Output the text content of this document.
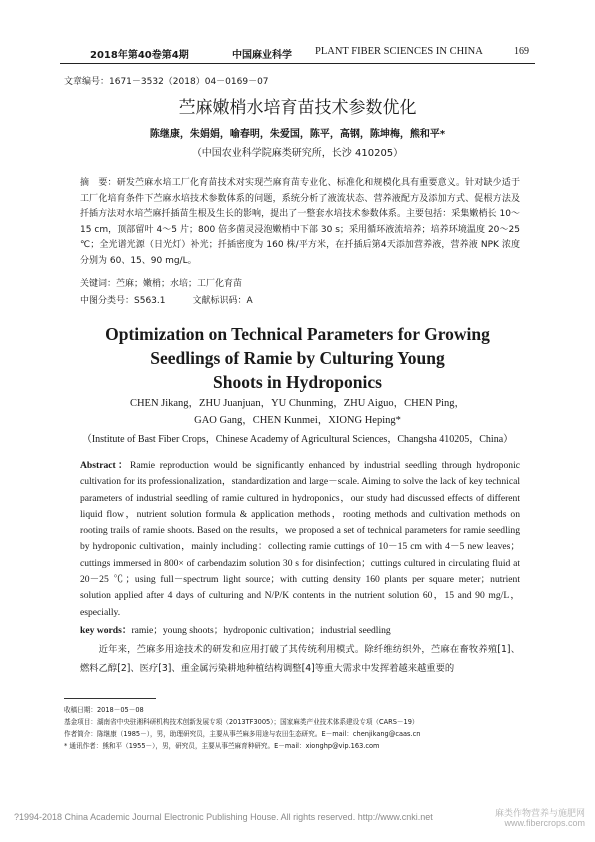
2018年第40卷第4期	中国麻业科学 PLANT FIBER SCIENCES IN CHINA	169
文章编号：1671－3532（2018）04－0169－07
苎麻嫩梢水培育苗技术参数优化
陈继康，朱娟娟，喻春明，朱爱国，陈平，高钢，陈坤梅，熊和平*
（中国农业科学院麻类研究所，长沙 410205）

摘　要：研发苎麻水培工厂化育苗技术对实现苎麻育苗专业化、标准化和规模化具有重要意义。针对缺少适于工厂化培育条件下苎麻水培技术参数体系的问题，系统分析了液流状态、营养液配方及添加方式、促根方法及扦插方法对水培苎麻扦插苗生根及生长的影响，提出了一整套水培技术参数体系。主要包括：采集嫩梢长 10～15 cm，顶部留叶 4～5 片；800 倍多菌灵浸泡嫩梢中下部 30 s；采用循环液流培养；培养环境温度 20～25 ℃；全光谱光源（日光灯）补光；扦插密度为 160 株/平方米，在扦插后第4天添加营养液，营养液 NPK 浓度分别为 60、15、90 mg/L。

关键词：苎麻；嫩梢；水培；工厂化育苗
中图分类号：S563.1　　　文献标识码：A
Optimization on Technical Parameters for Growing
Seedlings of Ramie by Culturing Young
Shoots in Hydroponics
CHEN Jikang，ZHU Juanjuan，YU Chunming，ZHU Aiguo，CHEN Ping，
GAO Gang，CHEN Kunmei，XIONG Heping*
（Institute of Bast Fiber Crops，Chinese Academy of Agricultural Sciences，Changsha 410205，China）

Abstract：Ramie reproduction would be significantly enhanced by industrial seedling through hydroponic cultivation for its professionalization，standardization and large－scale. Aiming to solve the lack of key technical parameters of industrial seedling of ramie cultured in hydroponics，our study had discussed effects of different liquid flow，nutrient solution formula & application methods，rooting methods and cultivation methods on rooting trails of ramie shoots. Based on the results，we proposed a set of technical parameters for ramie seedling by hydroponic cultivation，mainly including：collecting ramie cuttings of 10－15 cm with 4－5 new leaves；cuttings immersed in 800× of carbendazim solution 30 s for disinfection；cuttings cultured in circulating fluid at 20－25 ℃；using full－spectrum light source；with cutting density 160 plants per square meter；nutrient solution applied after 4 days of culturing and N/P/K contents in the nutrient solution 60，15 and 90 mg/L，especially.

key words：ramie；young shoots；hydroponic cultivation；industrial seedling

近年来，苎麻多用途技术的研发和应用打破了其传统利用模式。除纤维纺织外，苎麻在畜牧养殖[1]、燃料乙醇[2]、医疗[3]、重金属污染耕地种植结构调整[4]等重大需求中发挥着越来越重要的

收稿日期：2018－05－08
基金项目：湖南省中央驻湘科研机构技术创新发展专项（2013TF3005）；国家麻类产业技术体系建设专项（CARS－19）
作者简介：陈继康（1985－），男，助理研究员，主要从事苎麻多用途与农田生态研究。E－mail：chenjikang@caas.cn
* 通讯作者：熊和平（1955－），男，研究员，主要从事苎麻育种研究。E－mail：xionghp@vip.163.com
?1994-2018 China Academic Journal Electronic Publishing House. All rights reserved. http://www.cnki.net	麻类作物营养与施肥网
www.fibercrops.com
